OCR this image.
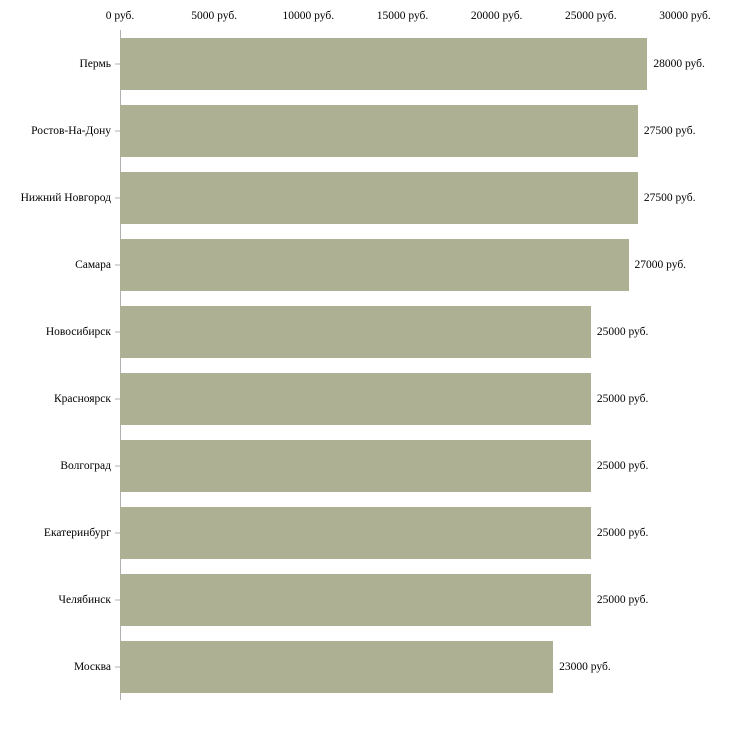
0 руб.	5000 руб.	10000 руб.	15000 руб.	20000 руб.	25000 руб.	30000 руб.
Пермь	28000 руб.
Ростов-На-Дону	27500 руб.
Нижний Новгород	27500 руб.
Самара	27000 руб.
Новосибирск	25000 руб.
Красноярск	25000 руб.
Волгоград	25000 руб.
Екатеринбург	25000 руб.
Челябинск	25000 руб.
Москва	23000 руб.
